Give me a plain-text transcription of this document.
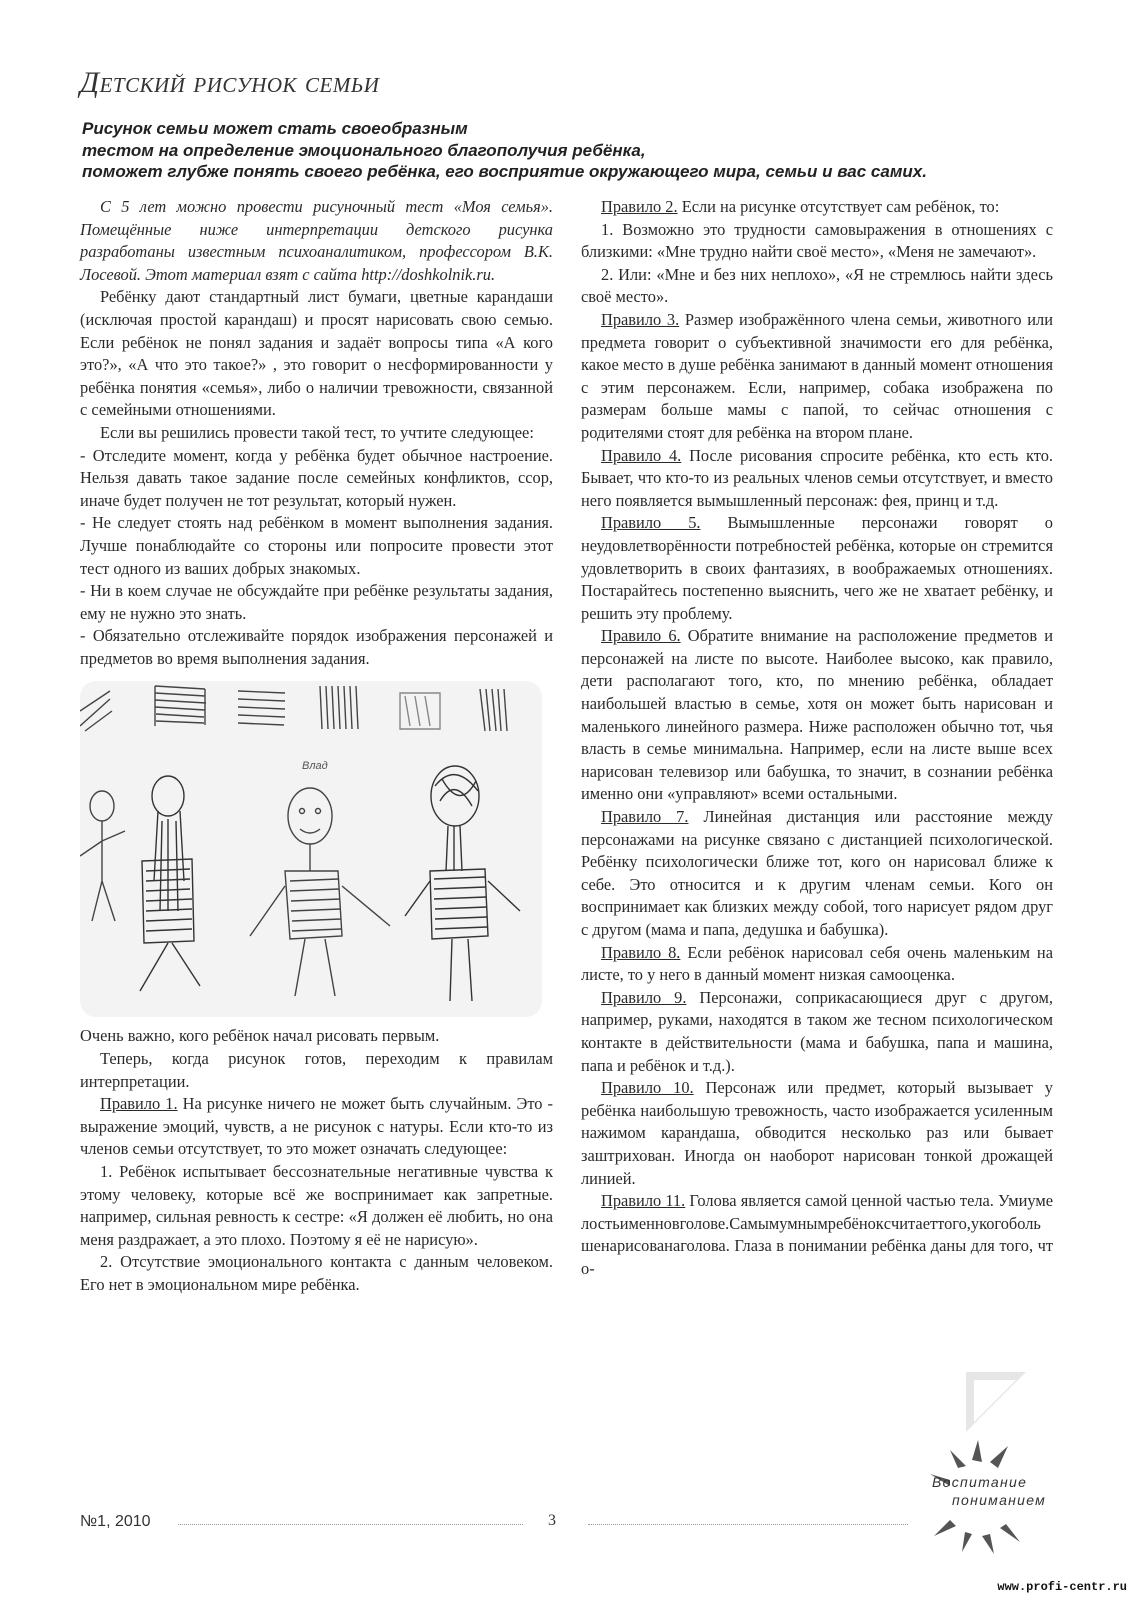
Детский рисунок семьи
Рисунок семьи может стать своеобразным
тестом на определение эмоционального благополучия ребёнка,
поможет глубже понять своего ребёнка, его восприятие окружающего мира, семьи и вас самих.

С 5 лет можно провести рисуночный тест «Моя семья». Помещённые ниже интерпретации детского рисунка разработаны известным психоаналитиком, профессором В.К. Лосевой. Этот материал взят с сайта http://doshkolnik.ru.

Ребёнку дают стандартный лист бумаги, цветные карандаши (исключая простой карандаш) и просят нарисовать свою семью. Если ребёнок не понял задания и задаёт вопросы типа «А кого это?», «А что это такое?» , это говорит о несформированности у ребёнка понятия «семья», либо о наличии тревожности, связанной с семейными отношениями.

Если вы решились провести такой тест, то учтите следующее:

- Отследите момент, когда у ребёнка будет обычное настроение. Нельзя давать такое задание после семейных конфликтов, ссор, иначе будет получен не тот результат, который нужен.

- Не следует стоять над ребёнком в момент выполнения задания. Лучше понаблюдайте со стороны или попросите провести этот тест одного из ваших добрых знакомых.

- Ни в коем случае не обсуждайте при ребёнке результаты задания, ему не нужно это знать.

- Обязательно отслеживайте порядок изображения персонажей и предметов во время выполнения задания.

Влад

Очень важно, кого ребёнок начал рисовать первым.

Теперь, когда рисунок готов, переходим к правилам интерпретации.

Правило 1. На рисунке ничего не может быть случайным. Это - выражение эмоций, чувств, а не рисунок с натуры. Если кто-то из членов семьи отсутствует, то это может означать следующее:

1. Ребёнок испытывает бессознательные негативные чувства к этому человеку, которые всё же воспринимает как запретные. например, сильная ревность к сестре: «Я должен её любить, но она меня раздражает, а это плохо. Поэтому я её не нарисую».

2. Отсутствие эмоционального контакта с данным человеком. Его нет в эмоциональном мире ребёнка.

Правило 2. Если на рисунке отсутствует сам ребёнок, то:

1. Возможно это трудности самовыражения в отношениях с близкими: «Мне трудно найти своё место», «Меня не замечают».

2. Или: «Мне и без них неплохо», «Я не стремлюсь найти здесь своё место».

Правило 3. Размер изображённого члена семьи, животного или предмета говорит о субъективной значимости его для ребёнка, какое место в душе ребёнка занимают в данный момент отношения с этим персонажем. Если, например, собака изображена по размерам больше мамы с папой, то сейчас отношения с родителями стоят для ребёнка на втором плане.

Правило 4. После рисования спросите ребёнка, кто есть кто. Бывает, что кто-то из реальных членов семьи отсутствует, и вместо него появляется вымышленный персонаж: фея, принц и т.д.

Правило 5. Вымышленные персонажи говорят о неудовлетворённости потребностей ребёнка, которые он стремится удовлетворить в своих фантазиях, в воображаемых отношениях. Постарайтесь постепенно выяснить, чего же не хватает ребёнку, и решить эту проблему.

Правило 6. Обратите внимание на расположение предметов и персонажей на листе по высоте. Наиболее высоко, как правило, дети располагают того, кто, по мнению ребёнка, обладает наибольшей властью в семье, хотя он может быть нарисован и маленького линейного размера. Ниже расположен обычно тот, чья власть в семье минимальна. Например, если на листе выше всех нарисован телевизор или бабушка, то значит, в сознании ребёнка именно они «управляют» всеми остальными.

Правило 7. Линейная дистанция или расстояние между персонажами на рисунке связано с дистанцией психологической. Ребёнку психологически ближе тот, кого он нарисовал ближе к себе. Это относится и к другим членам семьи. Кого он воспринимает как близких между собой, того нарисует рядом друг с другом (мама и папа, дедушка и бабушка).

Правило 8. Если ребёнок нарисовал себя очень маленьким на листе, то у него в данный момент низкая самооценка.

Правило 9. Персонажи, соприкасающиеся друг с другом, например, руками, находятся в таком же тесном психологическом контакте в действительности (мама и бабушка, папа и машина, папа и ребёнок и т.д.).

Правило 10. Персонаж или предмет, который вызывает у ребёнка наибольшую тревожность, часто изображается усиленным нажимом карандаша, обводится несколько раз или бывает заштрихован. Иногда он наоборот нарисован тонкой дрожащей линией.

Правило 11. Голова является самой ценной частью тела. Умиумелостьименновголове.Самымумнымребёнокcчитаеттого,укогобольшенарисованаголова. Глаза в понимании ребёнка даны для того, что-

№1, 2010	3
Воспитание
пониманием
www.profi-centr.ru
